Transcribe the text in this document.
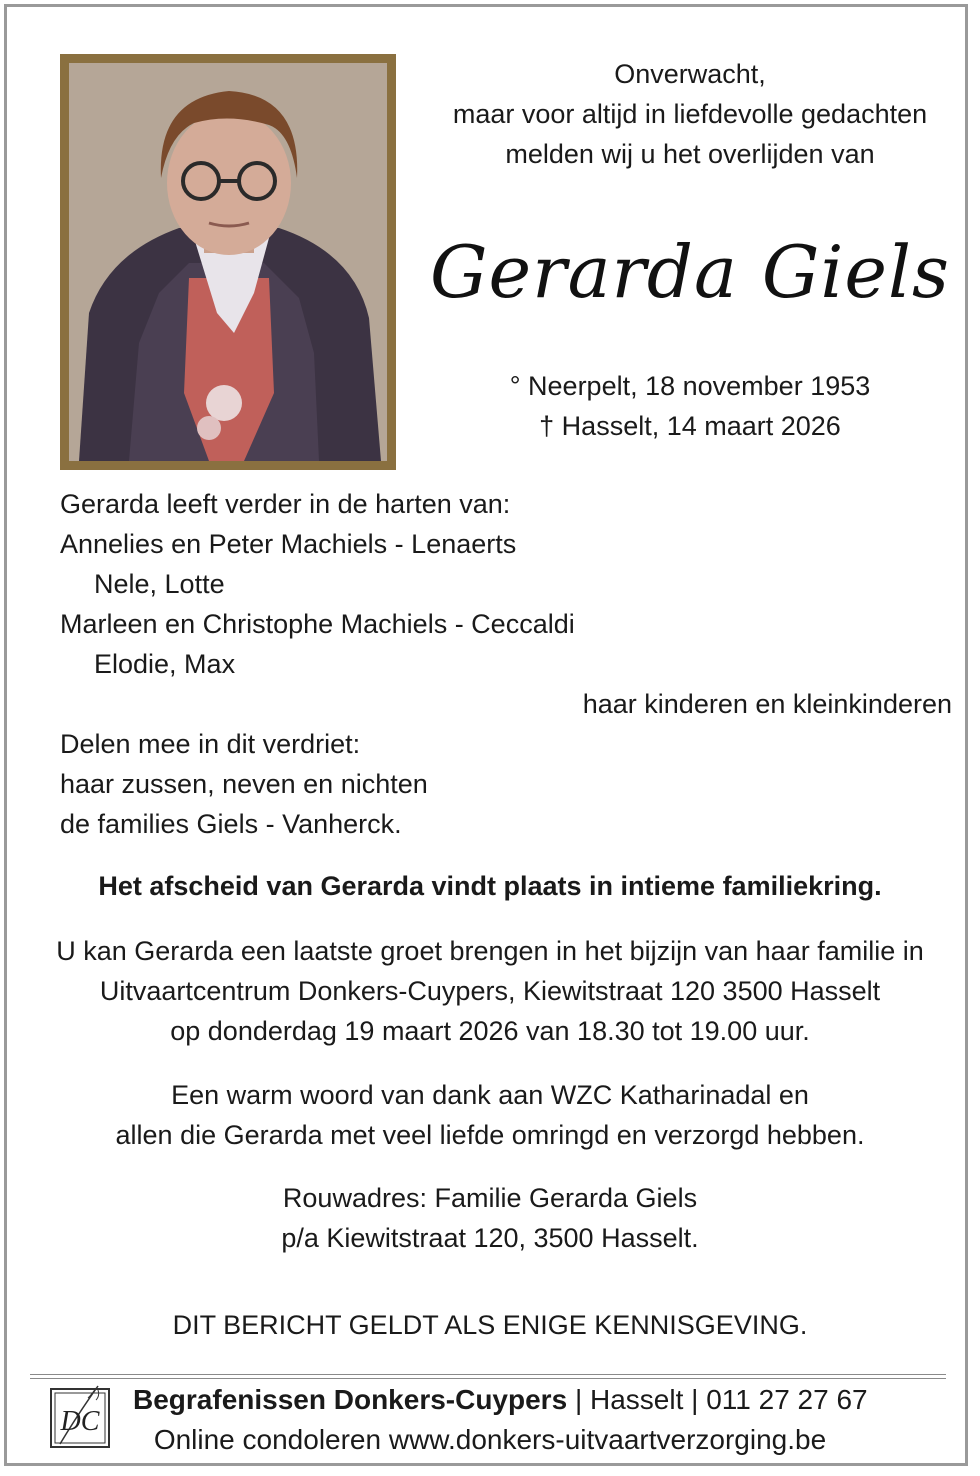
Onverwacht,
maar voor altijd in liefdevolle gedachten
melden wij u het overlijden van
Gerarda Giels
° Neerpelt, 18 november 1953
† Hasselt, 14 maart 2026
Gerarda leeft verder in de harten van:
Annelies en Peter Machiels - Lenaerts
Nele, Lotte
Marleen en Christophe Machiels - Ceccaldi
Elodie, Max
haar kinderen en kleinkinderen
Delen mee in dit verdriet:
haar zussen, neven en nichten
de families Giels - Vanherck.
Het afscheid van Gerarda vindt plaats in intieme familiekring.
U kan Gerarda een laatste groet brengen in het bijzijn van haar familie in
Uitvaartcentrum Donkers-Cuypers, Kiewitstraat 120 3500 Hasselt
op donderdag 19 maart 2026 van 18.30 tot 19.00 uur.
Een warm woord van dank aan WZC Katharinadal en
allen die Gerarda met veel liefde omringd en verzorgd hebben.
Rouwadres: Familie Gerarda Giels
p/a Kiewitstraat 120, 3500 Hasselt.
DIT BERICHT GELDT ALS ENIGE KENNISGEVING.
DC
Begrafenissen Donkers-Cuypers | Hasselt | 011 27 27 67
Online condoleren www.donkers-uitvaartverzorging.be
